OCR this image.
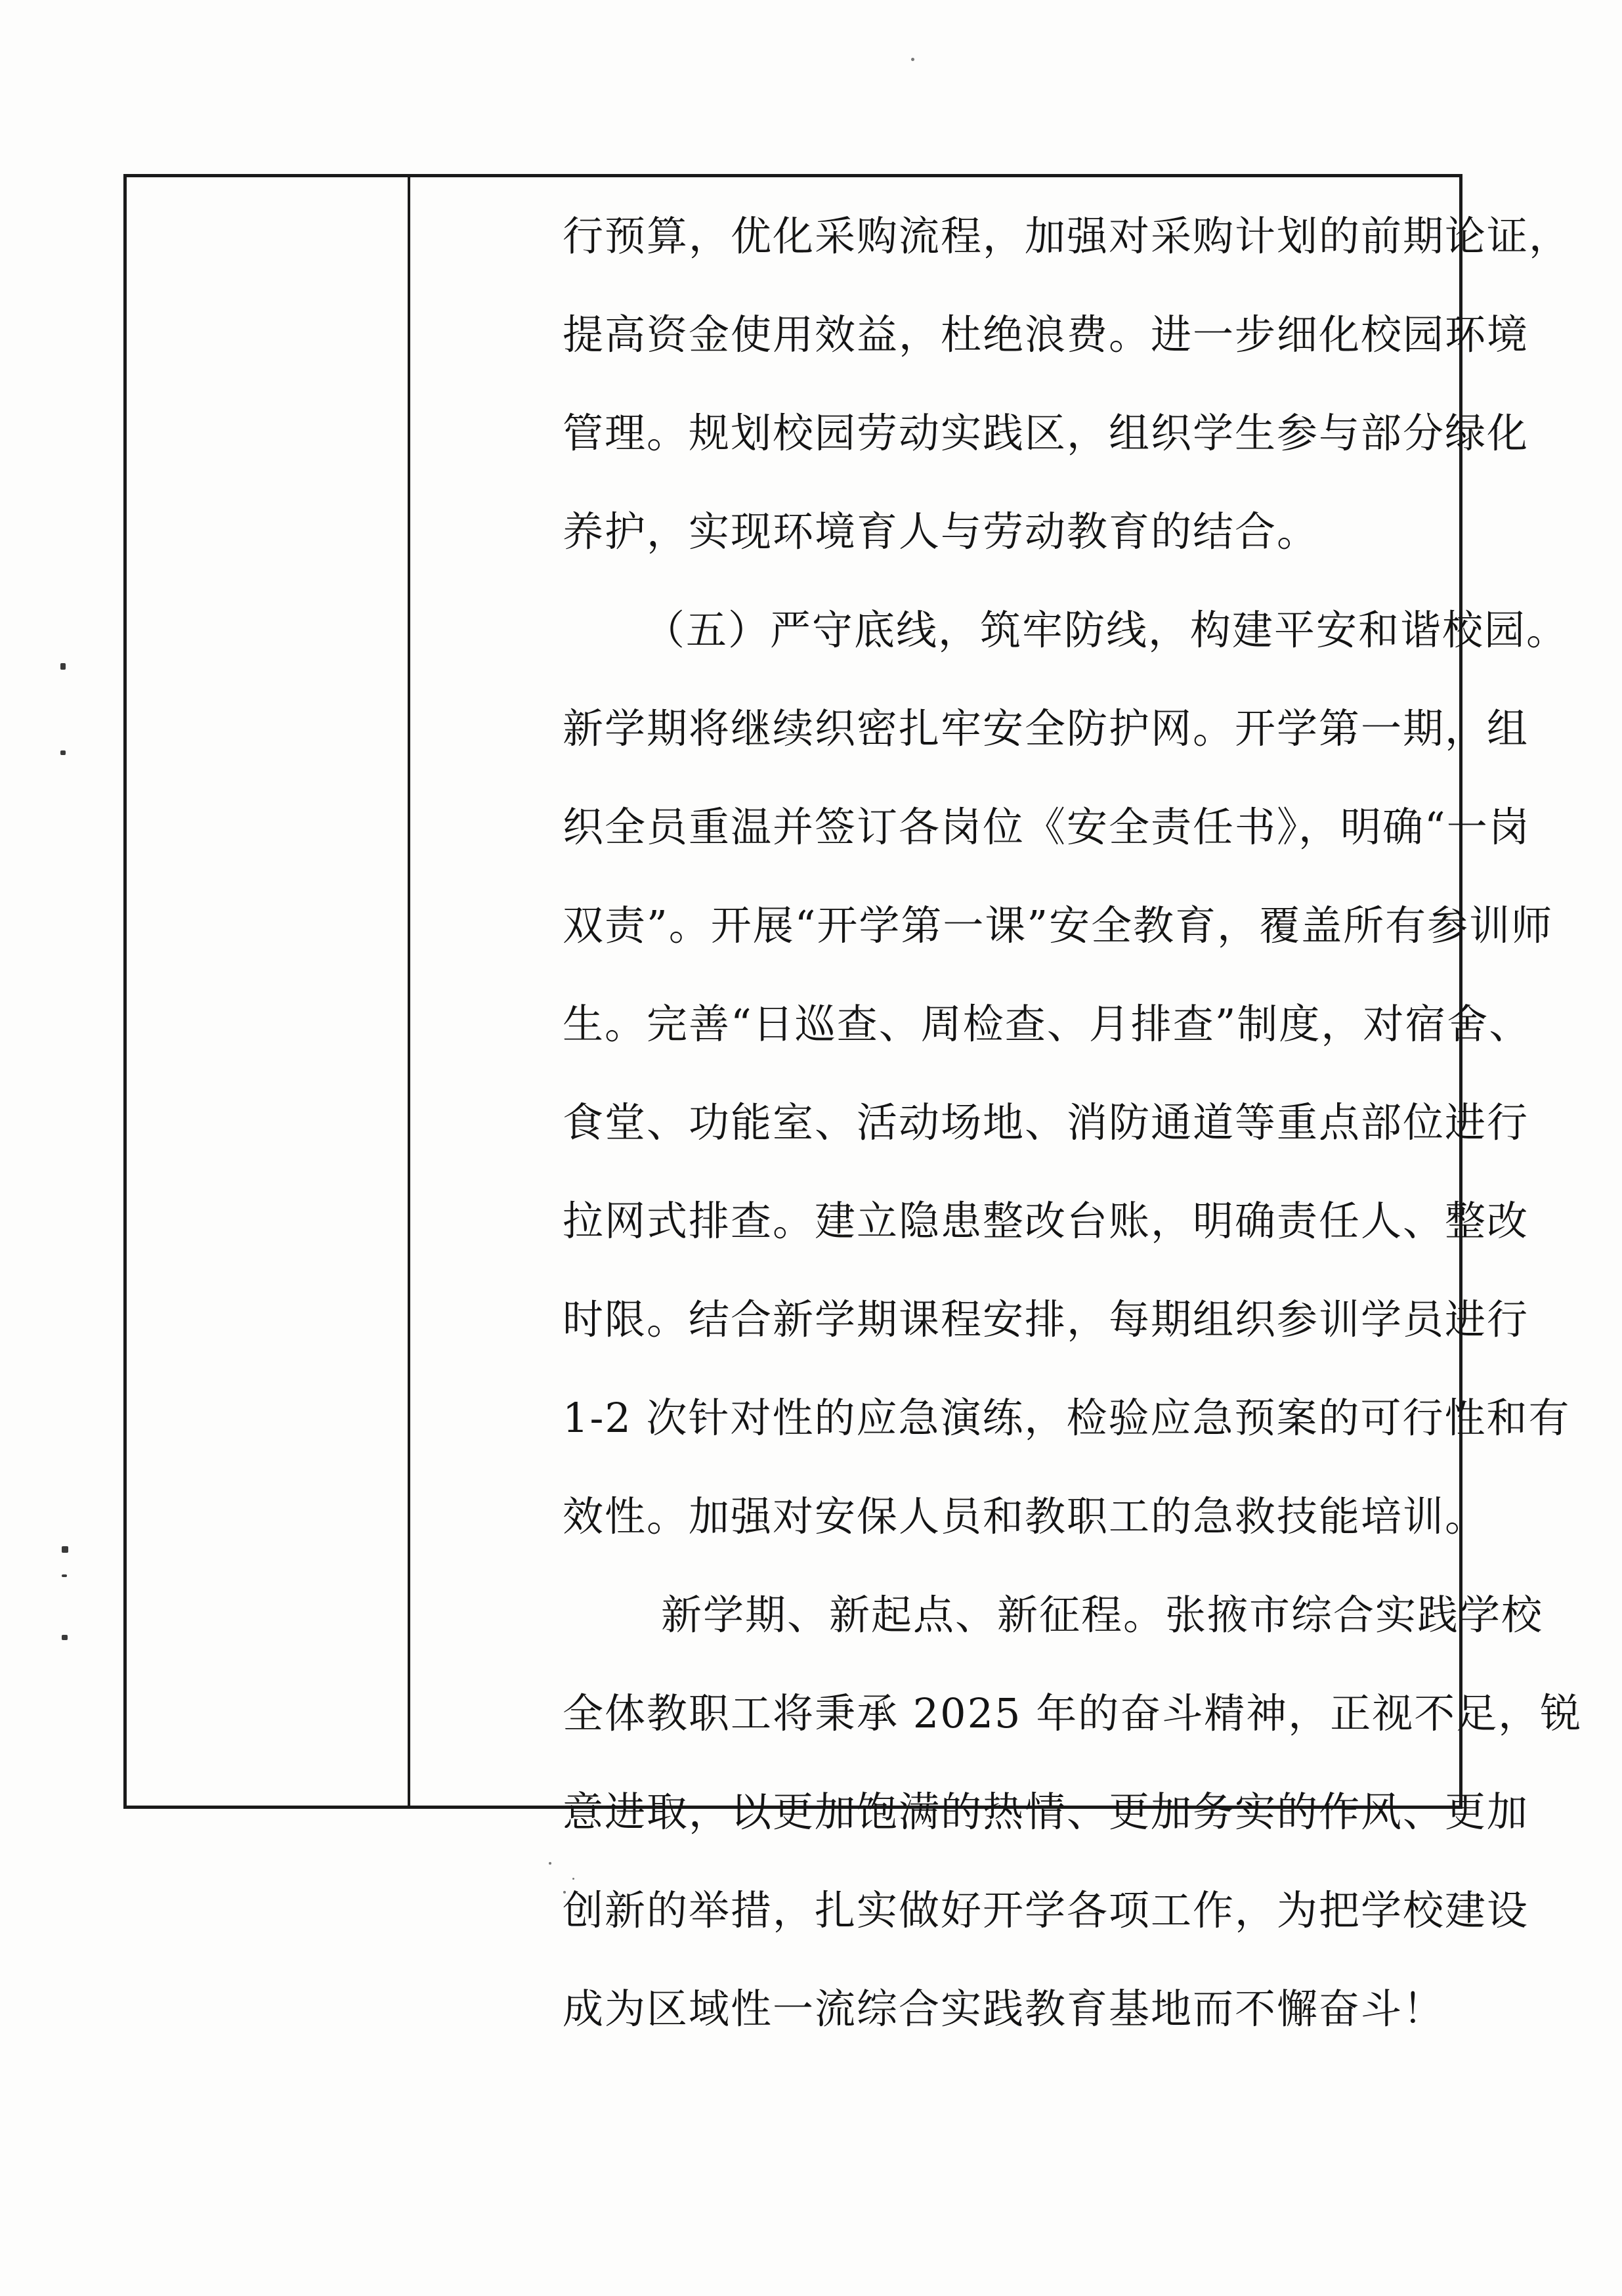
行预算，优化采购流程，加强对采购计划的前期论证，
提高资金使用效益，杜绝浪费。进一步细化校园环境
管理。规划校园劳动实践区，组织学生参与部分绿化
养护，实现环境育人与劳动教育的结合。
（五）严守底线，筑牢防线，构建平安和谐校园。
新学期将继续织密扎牢安全防护网。开学第一期，组
织全员重温并签订各岗位《安全责任书》，明确“一岗
双责”。开展“开学第一课”安全教育，覆盖所有参训师
生。完善“日巡查、周检查、月排查”制度，对宿舍、
食堂、功能室、活动场地、消防通道等重点部位进行
拉网式排查。建立隐患整改台账，明确责任人、整改
时限。结合新学期课程安排，每期组织参训学员进行
1-2 次针对性的应急演练，检验应急预案的可行性和有
效性。加强对安保人员和教职工的急救技能培训。
新学期、新起点、新征程。张掖市综合实践学校
全体教职工将秉承 2025 年的奋斗精神，正视不足，锐
意进取，以更加饱满的热情、更加务实的作风、更加
创新的举措，扎实做好开学各项工作，为把学校建设
成为区域性一流综合实践教育基地而不懈奋斗！
